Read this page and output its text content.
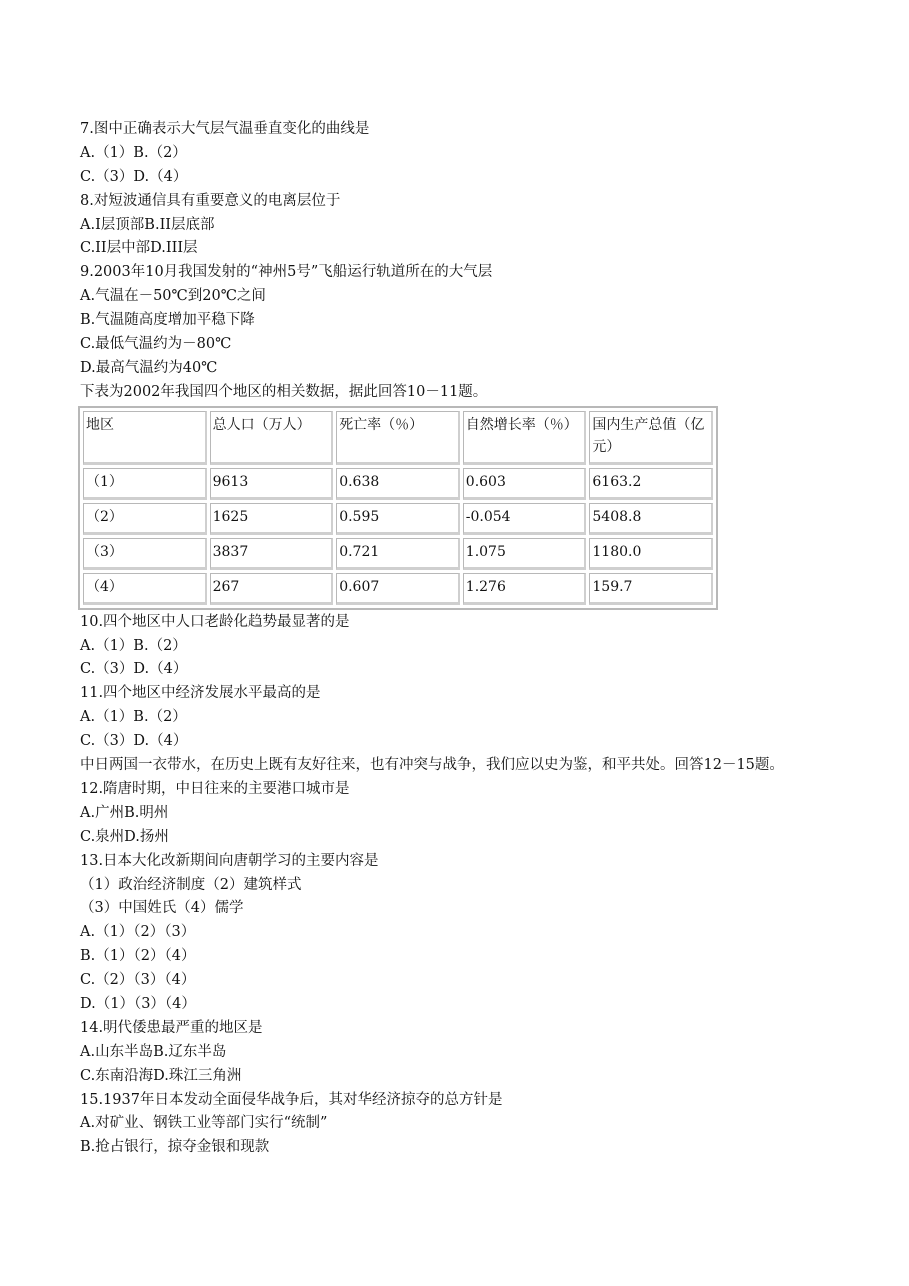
7.图中正确表示大气层气温垂直变化的曲线是
A.（1）B.（2）
C.（3）D.（4）
8.对短波通信具有重要意义的电离层位于
A.I层顶部B.II层底部
C.II层中部D.III层
9.2003年10月我国发射的“神州5号”飞船运行轨道所在的大气层
A.气温在－50℃到20℃之间
B.气温随高度增加平稳下降
C.最低气温约为－80℃
D.最高气温约为40℃
下表为2002年我国四个地区的相关数据，据此回答10－11题。
地区	总人口（万人）	死亡率（％）	自然增长率（％）	国内生产总值（亿元）
（1）	9613	0.638	0.603	6163.2
（2）	1625	0.595	-0.054	5408.8
（3）	3837	0.721	1.075	1180.0
（4）	267	0.607	1.276	159.7
10.四个地区中人口老龄化趋势最显著的是
A.（1）B.（2）
C.（3）D.（4）
11.四个地区中经济发展水平最高的是
A.（1）B.（2）
C.（3）D.（4）
中日两国一衣带水，在历史上既有友好往来，也有冲突与战争，我们应以史为鉴，和平共处。回答12－15题。
12.隋唐时期，中日往来的主要港口城市是
A.广州B.明州
C.泉州D.扬州
13.日本大化改新期间向唐朝学习的主要内容是
（1）政治经济制度（2）建筑样式
（3）中国姓氏（4）儒学
A.（1）（2）（3）
B.（1）（2）（4）
C.（2）（3）（4）
D.（1）（3）（4）
14.明代倭患最严重的地区是
A.山东半岛B.辽东半岛
C.东南沿海D.珠江三角洲
15.1937年日本发动全面侵华战争后，其对华经济掠夺的总方针是
A.对矿业、钢铁工业等部门实行“统制”
B.抢占银行，掠夺金银和现款
